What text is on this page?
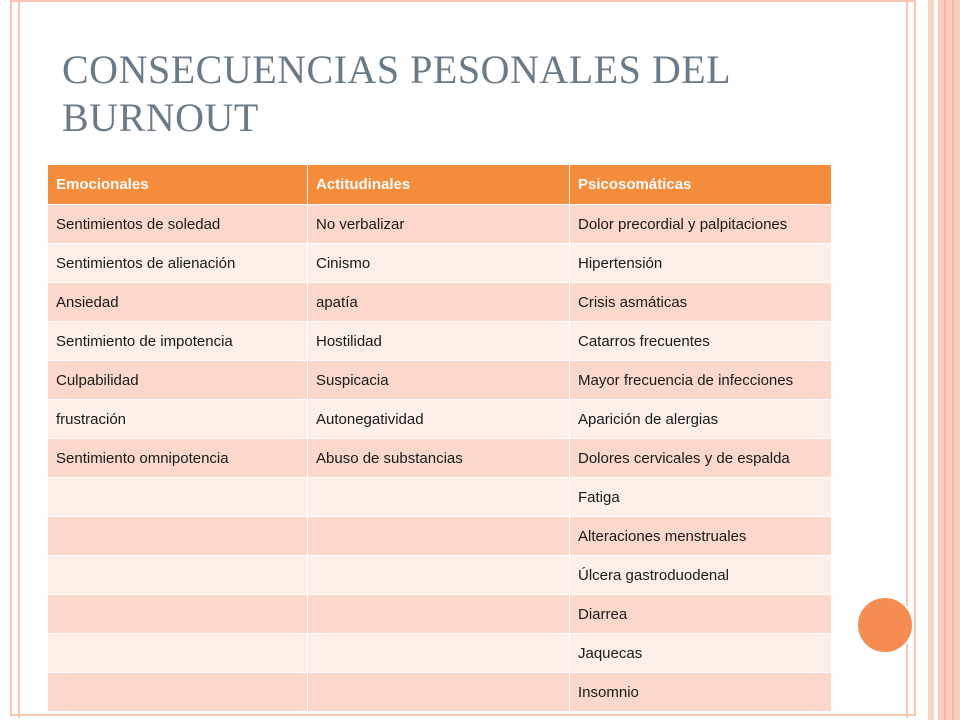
CONSECUENCIAS PESONALES DEL BURNOUT
Emocionales	Actitudinales	Psicosomáticas
Sentimientos de soledad	No verbalizar	Dolor precordial y palpitaciones
Sentimientos de alienación	Cinismo	Hipertensión
Ansiedad	apatía	Crisis asmáticas
Sentimiento de impotencia	Hostilidad	Catarros frecuentes
Culpabilidad	Suspicacia	Mayor frecuencia de infecciones
frustración	Autonegatividad	Aparición de alergias
Sentimiento omnipotencia	Abuso de substancias	Dolores cervicales y de espalda
		Fatiga
		Alteraciones menstruales
		Úlcera gastroduodenal
		Diarrea
		Jaquecas
		Insomnio
